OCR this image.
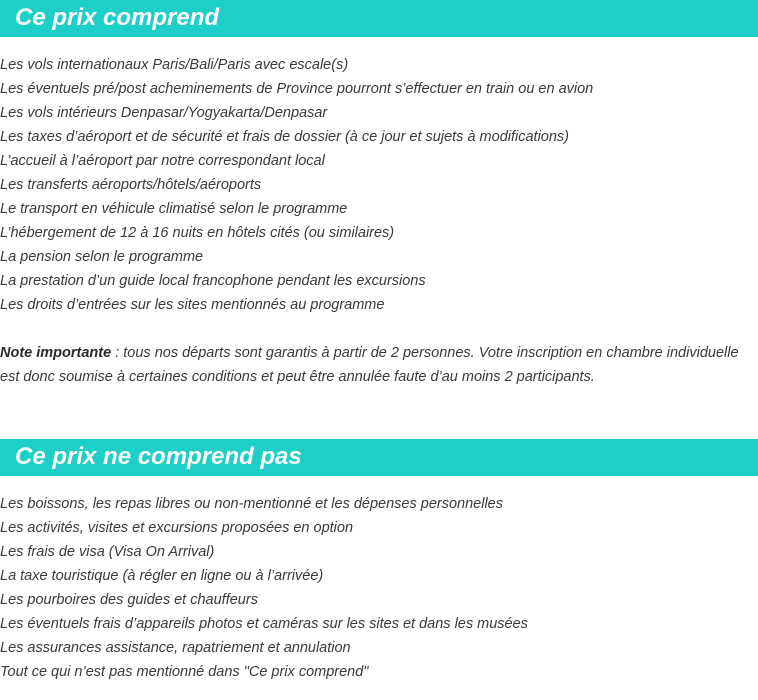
Ce prix comprend
Les vols internationaux Paris/Bali/Paris avec escale(s)
Les éventuels pré/post acheminements de Province pourront s’effectuer en train ou en avion
Les vols intérieurs Denpasar/Yogyakarta/Denpasar
Les taxes d’aéroport et de sécurité et frais de dossier (à ce jour et sujets à modifications)
L’accueil à l’aéroport par notre correspondant local
Les transferts aéroports/hôtels/aéroports
Le transport en véhicule climatisé selon le programme
L’hébergement de 12 à 16 nuits en hôtels cités (ou similaires)
La pension selon le programme
La prestation d’un guide local francophone pendant les excursions
Les droits d’entrées sur les sites mentionnés au programme

Note importante : tous nos départs sont garantis à partir de 2 personnes. Votre inscription en chambre individuelle est donc soumise à certaines conditions et peut être annulée faute d’au moins 2 participants.

Ce prix ne comprend pas
Les boissons, les repas libres ou non-mentionné et les dépenses personnelles
Les activités, visites et excursions proposées en option
Les frais de visa (Visa On Arrival)
La taxe touristique (à régler en ligne ou à l’arrivée)
Les pourboires des guides et chauffeurs
Les éventuels frais d’appareils photos et caméras sur les sites et dans les musées
Les assurances assistance, rapatriement et annulation
Tout ce qui n’est pas mentionné dans "Ce prix comprend"
